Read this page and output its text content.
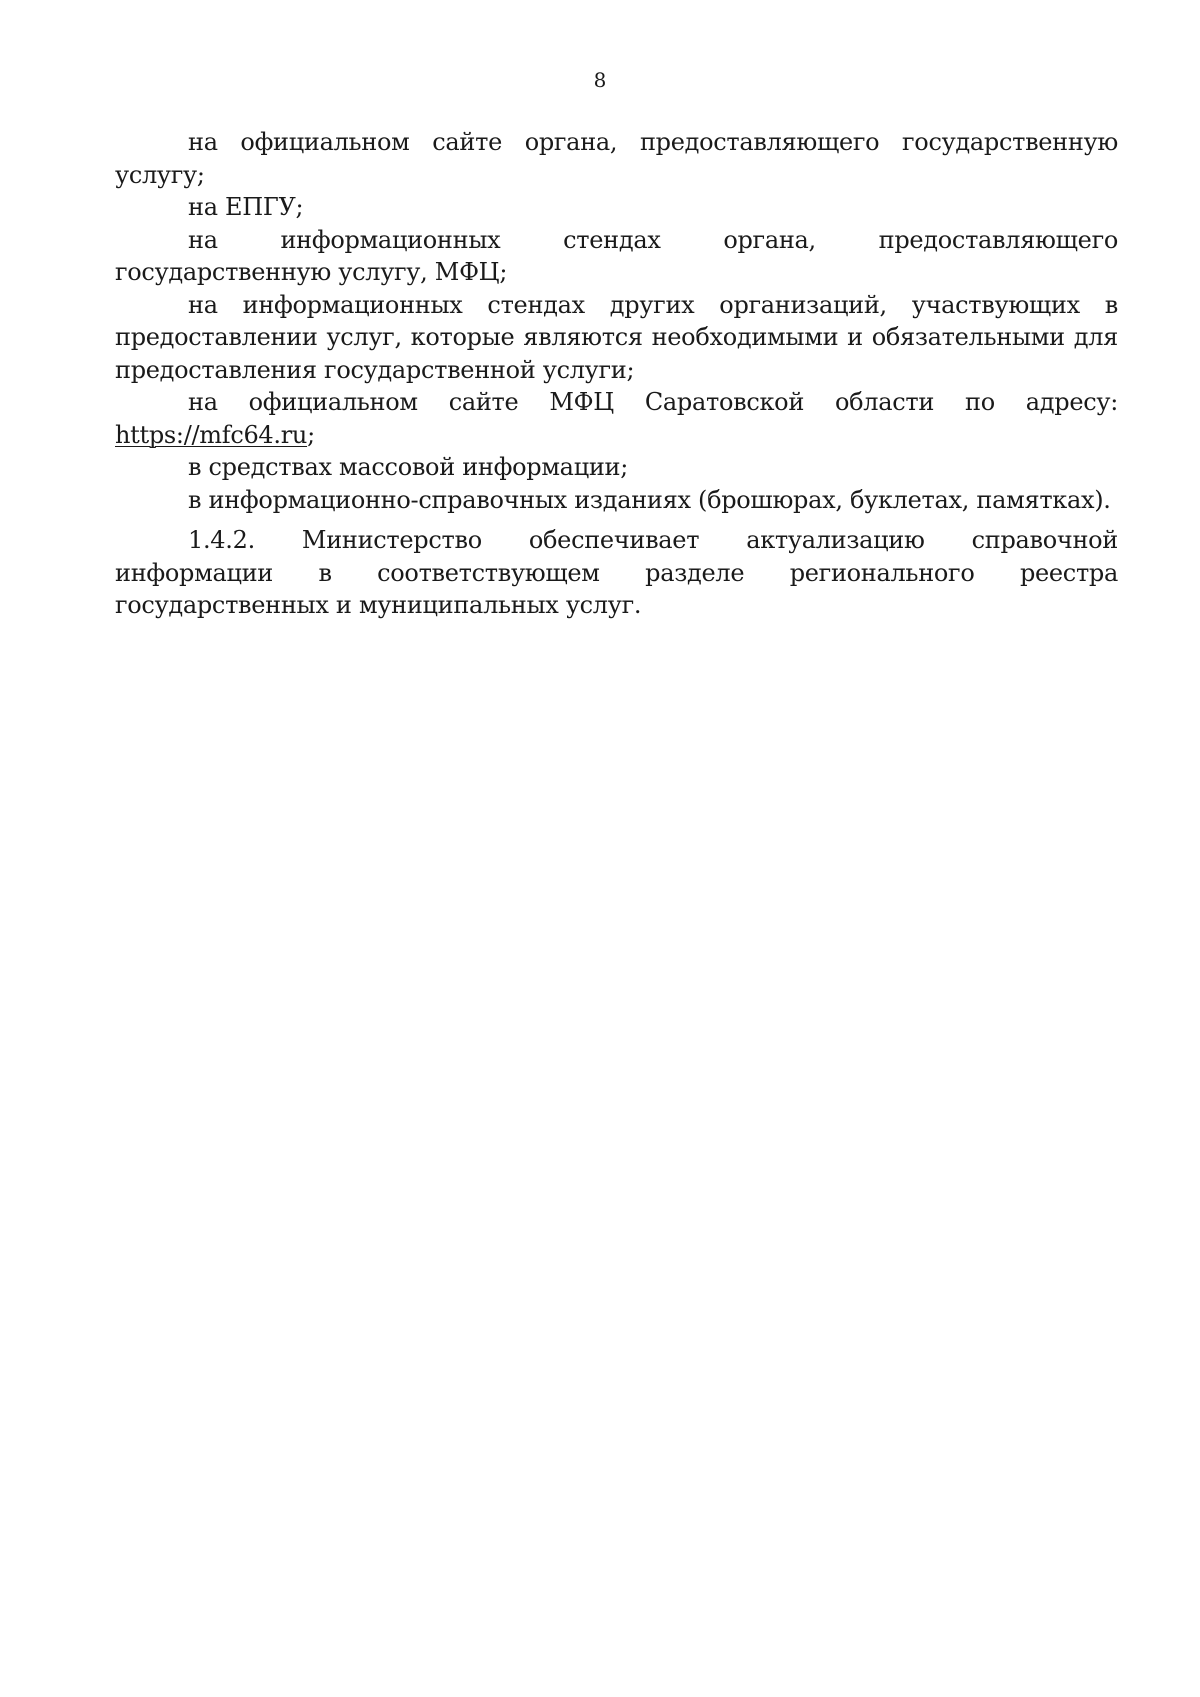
8

на официальном сайте органа, предоставляющего государственную услугу;

на ЕПГУ;

на информационных стендах органа, предоставляющего государственную услугу, МФЦ;

на информационных стендах других организаций, участвующих в предоставлении услуг, которые являются необходимыми и обязательными для предоставления государственной услуги;

на официальном сайте МФЦ Саратовской области по адресу: https://mfc64.ru;

в средствах массовой информации;

в информационно-справочных изданиях (брошюрах, буклетах, памятках).

1.4.2. Министерство обеспечивает актуализацию справочной информации в соответствующем разделе регионального реестра государственных и муниципальных услуг.
